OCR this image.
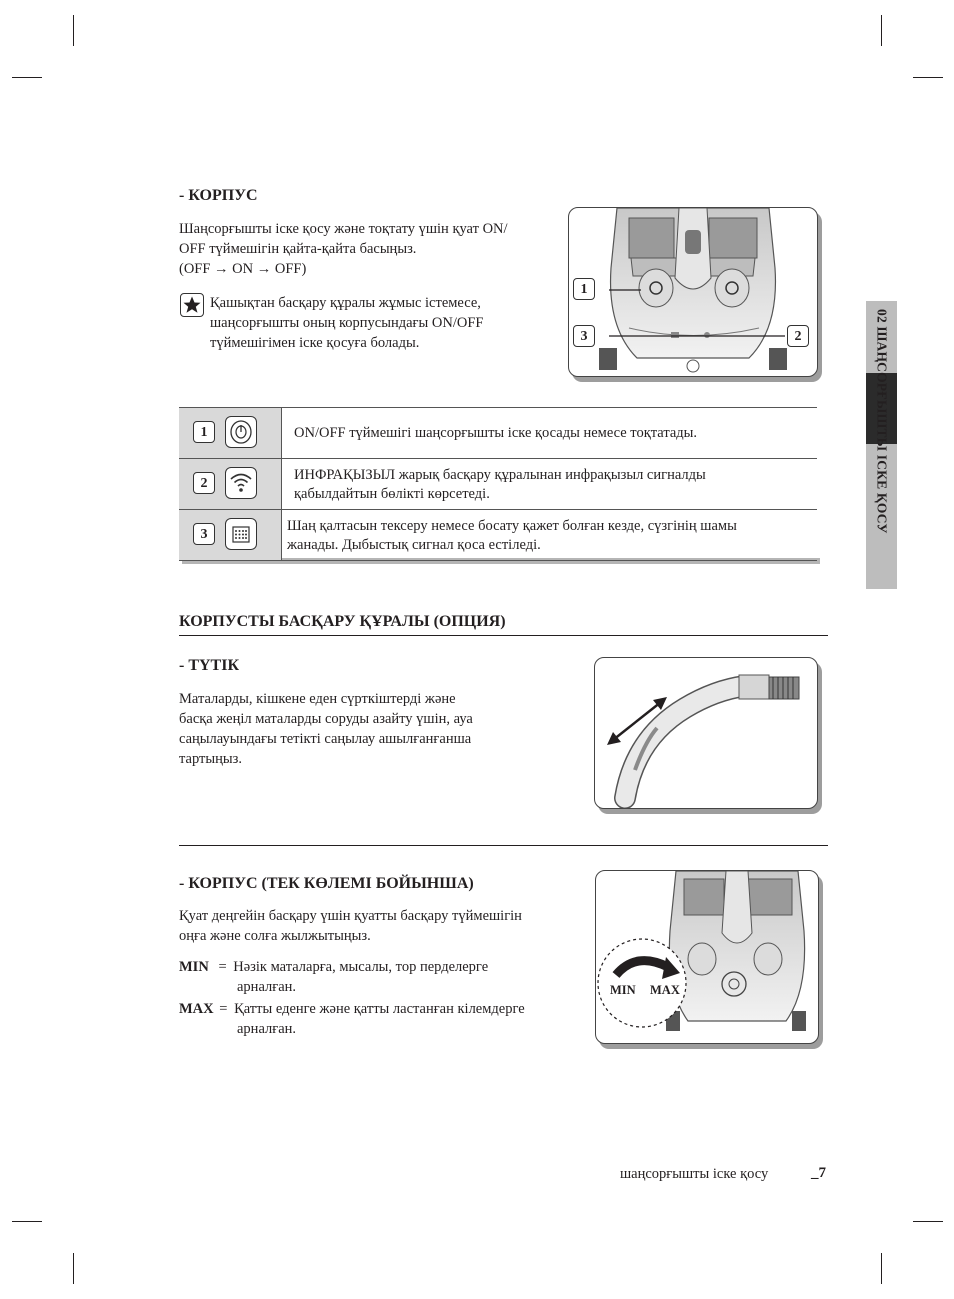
02 ШАҢСОРҒЫШТЫ ІСКЕ ҚОСУ
- КОРПУС
Шаңсорғышты іске қосу және тоқтату үшін қуат ON/
OFF түймешігін қайта-қайта басыңыз.
(OFF → ON → OFF)
Қашықтан басқару құралы жұмыс істемесе,
шаңсорғышты оның корпусындағы ON/OFF
түймешігімен іске қосуға болады.
1
2
3
1	ON/OFF түймешігі шаңсорғышты іске қосады немесе тоқтатады.
2
ИНФРАҚЫЗЫЛ жарық басқару құралынан инфрақызыл сигналды
қабылдайтын бөлікті көрсетеді.
3
Шаң қалтасын тексеру немесе босату қажет болған кезде, сүзгінің шамы
жанады. Дыбыстық сигнал қоса естіледі.
КОРПУСТЫ БАСҚАРУ ҚҰРАЛЫ (ОПЦИЯ)
- ТҮТІК
Маталарды, кішкене еден сүрткіштерді және
басқа жеңіл маталарды соруды азайту үшін, ауа
саңылауындағы тетікті саңылау ашылғанғанша
тартыңыз.
- КОРПУС (ТЕК КӨЛЕМІ БОЙЫНША)
Қуат деңгейін басқару үшін қуатты басқару түймешігін
оңға және солға жылжытыңыз.
MIN = Нәзік маталарға, мысалы, тор перделерге
арналған.
MAX = Қатты еденге және қатты ластанған кілемдерге
арналған.
MIN MAX
шаңсорғышты іске қосу	_7
